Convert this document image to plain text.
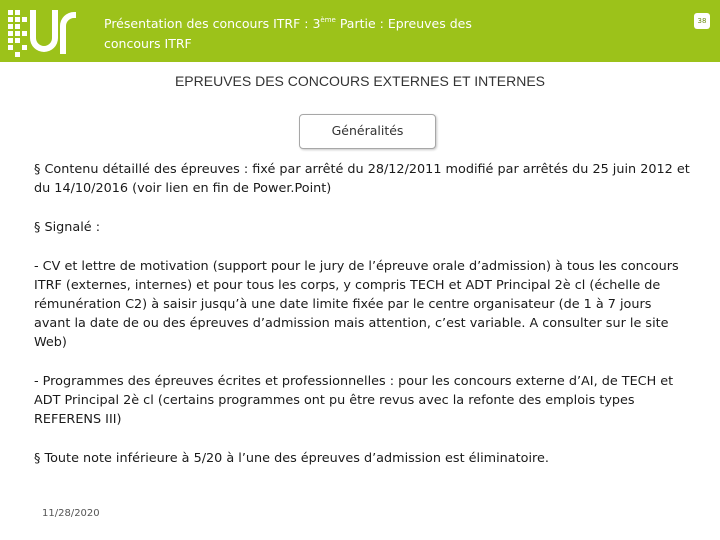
Présentation des concours ITRF : 3ème Partie : Epreuves des
concours ITRF
38
EPREUVES DES CONCOURS EXTERNES ET INTERNES
Généralités

§ Contenu détaillé des épreuves : fixé par arrêté du 28/12/2011 modifié par arrêtés du 25 juin 2012 et du 14/10/2016 (voir lien en fin de Power.Point)

§ Signalé :

- CV et lettre de motivation (support pour le jury de l’épreuve orale d’admission) à tous les concours ITRF (externes, internes) et pour tous les corps, y compris TECH et ADT Principal 2è cl (échelle de rémunération C2) à saisir jusqu’à une date limite fixée par le centre organisateur (de 1 à 7 jours avant la date de ou des épreuves d’admission mais attention, c’est variable. A consulter sur le site Web)

- Programmes des épreuves écrites et professionnelles : pour les concours externe d’AI, de TECH et ADT Principal 2è cl (certains programmes ont pu être revus avec la refonte des emplois types REFERENS III)

§ Toute note inférieure à 5/20 à l’une des épreuves d’admission est éliminatoire.

11/28/2020
